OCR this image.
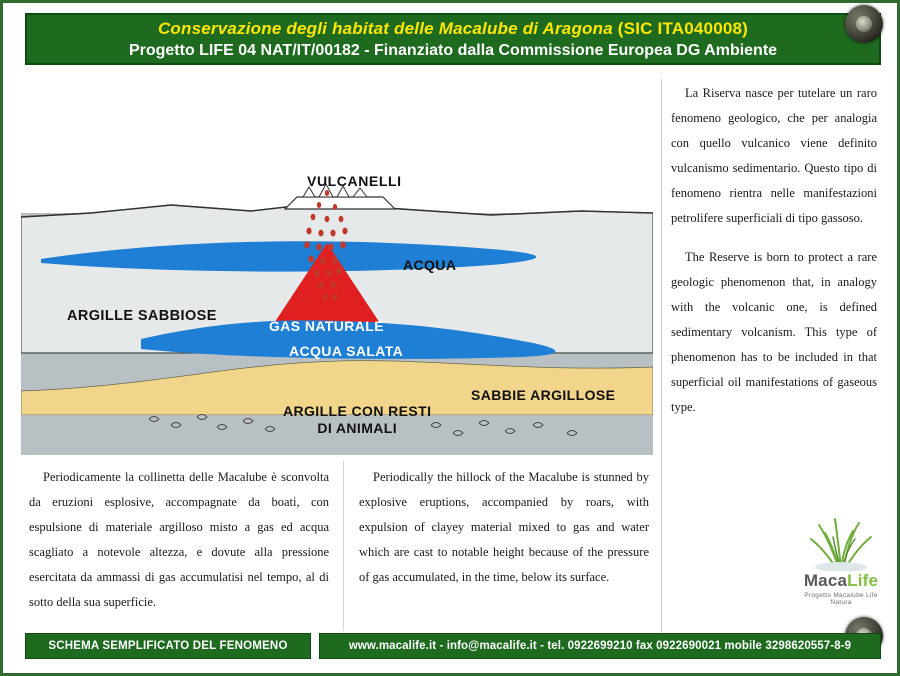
Conservazione degli habitat delle Macalube di Aragona (SIC ITA040008)
Progetto LIFE 04 NAT/IT/00182 - Finanziato dalla Commissione Europea DG Ambiente
VULCANELLI
ACQUA
ARGILLE SABBIOSE
GAS NATURALE
ACQUA SALATA
SABBIE ARGILLOSE
ARGILLE CON RESTI
DI ANIMALI

La Riserva nasce per tutelare un raro fenomeno geologico, che per analogia con quello vulcanico viene definito vulcanismo sedimentario. Questo tipo di fenomeno rientra nelle manifestazioni petrolifere superficiali di tipo gassoso.

The Reserve is born to protect a rare geologic phenomenon that, in analogy with the volcanic one, is defined sedimentary volcanism. This type of phenomenon has to be included in that superficial oil manifestations of gaseous type.

Periodicamente la collinetta delle Macalube è sconvolta da eruzioni esplosive, accompagnate da boati, con espulsione di materiale argilloso misto a gas ed acqua scagliato a notevole altezza, e dovute alla pressione esercitata da ammassi di gas accumulatisi nel tempo, al di sotto della sua superficie.

Periodically the hillock of the Macalube is stunned by explosive eruptions, accompanied by roars, with expulsion of clayey material mixed to gas and water which are cast to notable height because of the pressure of gas accumulated, in the time, below its surface.	MacaLife
Progetto Macalube Life Natura
SCHEMA SEMPLIFICATO DEL FENOMENO	www.macalife.it - info@macalife.it - tel. 0922699210 fax 0922690021 mobile 3298620557-8-9
